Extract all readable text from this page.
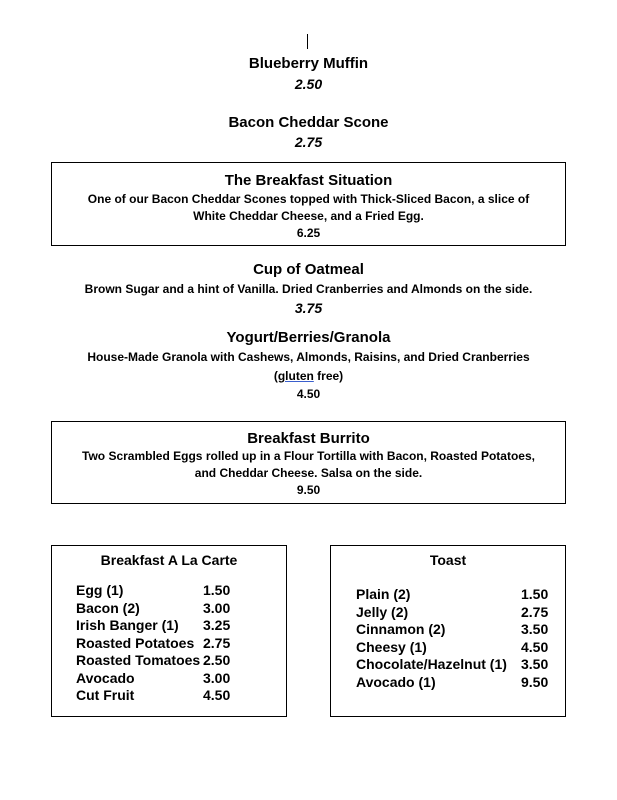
Blueberry Muffin
2.50
Bacon Cheddar Scone
2.75
The Breakfast Situation
One of our Bacon Cheddar Scones topped with Thick-Sliced Bacon, a slice of
White Cheddar Cheese, and a Fried Egg.
6.25
Cup of Oatmeal
Brown Sugar and a hint of Vanilla. Dried Cranberries and Almonds on the side.
3.75
Yogurt/Berries/Granola
House-Made Granola with Cashews, Almonds, Raisins, and Dried Cranberries
(gluten free)
4.50
Breakfast Burrito
Two Scrambled Eggs rolled up in a Flour Tortilla with Bacon, Roasted Potatoes,
and Cheddar Cheese. Salsa on the side.
9.50
Breakfast A La Carte
Egg (1)	1.50
Bacon (2)	3.00
Irish Banger (1) 3.25
Roasted Potatoes 2.75
Roasted Tomatoes 2.50
Avocado	3.00
Cut Fruit	4.50
Toast
Plain (2)	1.50
Jelly (2)	2.75
Cinnamon (2)	3.50
Cheesy (1)	4.50
Chocolate/Hazelnut (1) 3.50
Avocado (1)	9.50
